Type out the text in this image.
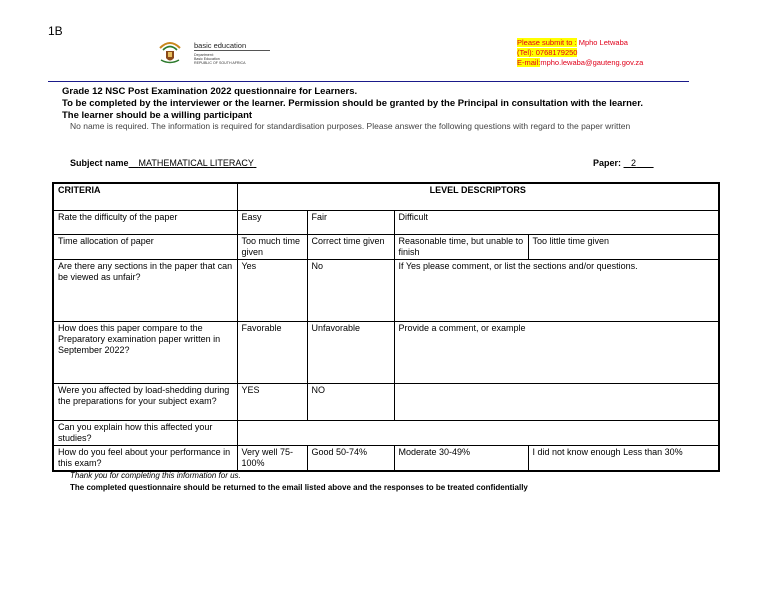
1B
basic education
Department:
Basic Education
REPUBLIC OF SOUTH AFRICA
Please submit to : Mpho Letwaba
(Tel): 0768179250
E-mail:mpho.lewaba@gauteng.gov.za
Grade 12 NSC Post Examination 2022 questionnaire for Learners.
To be completed by the interviewer or the learner. Permission should be granted by the Principal in consultation with the learner.
The learner should be a willing participant
No name is required. The information is required for standardisation purposes. Please answer the following questions with regard to the paper written
Subject name MATHEMATICAL LITERACY	Paper: 2
CRITERIA	LEVEL DESCRIPTORS			
Rate the difficulty of the paper	Easy	Fair	Difficult	
Time allocation of paper	Too much time given	Correct time given	Reasonable time, but unable to finish	Too little time given
Are there any sections in the paper that can be viewed as unfair?	Yes	No	If Yes please comment, or list the sections and/or questions.	
How does this paper compare to the Preparatory examination paper written in September 2022?	Favorable	Unfavorable	Provide a comment, or example	
Were you affected by load-shedding during the preparations for your subject exam?	YES	NO		
Can you explain how this affected your studies?				
How do you feel about your performance in this exam?	Very well 75-100%	Good 50-74%	Moderate 30-49%	I did not know enough Less than 30%
Thank you for completing this information for us.
The completed questionnaire should be returned to the email listed above and the responses to be treated confidentially
